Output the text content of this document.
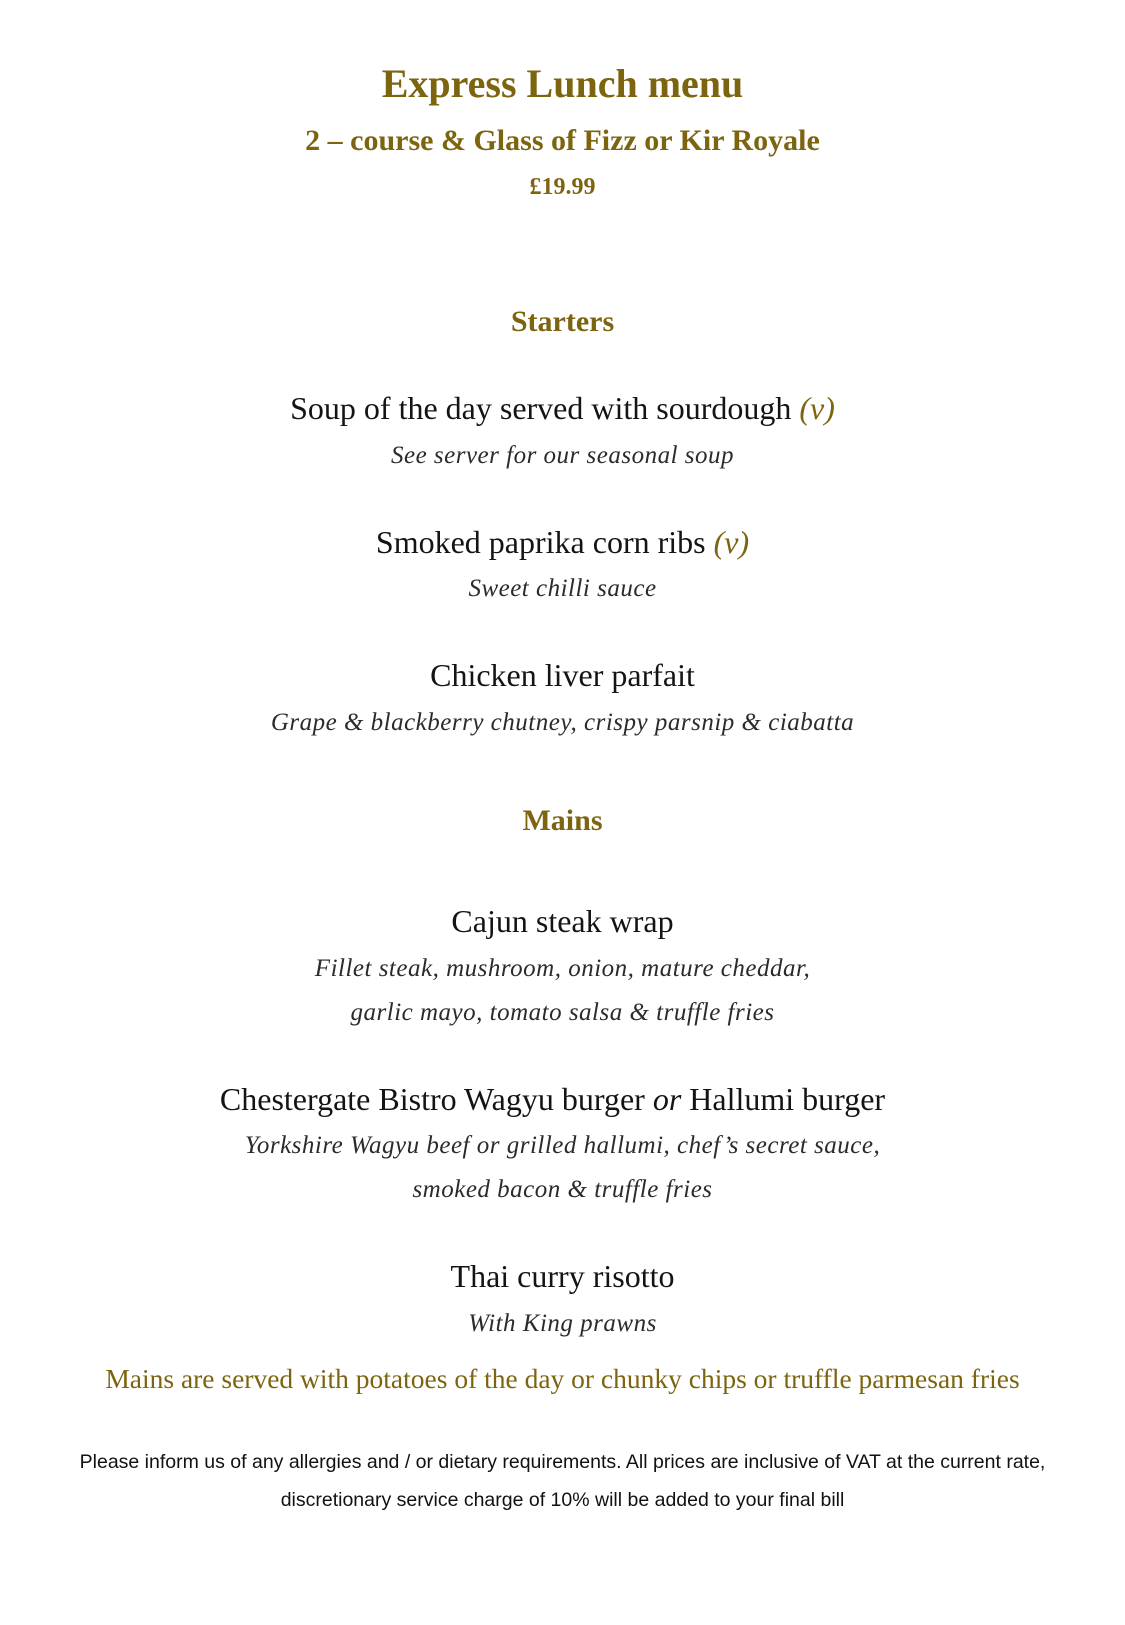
Express Lunch menu
2 – course & Glass of Fizz or Kir Royale
£19.99
Starters
Soup of the day served with sourdough (v)
See server for our seasonal soup
Smoked paprika corn ribs (v)
Sweet chilli sauce
Chicken liver parfait
Grape & blackberry chutney, crispy parsnip & ciabatta
Mains
Cajun steak wrap
Fillet steak, mushroom, onion, mature cheddar,
garlic mayo, tomato salsa & truffle fries
Chestergate Bistro Wagyu burger or Hallumi burger
Yorkshire Wagyu beef or grilled hallumi, chef’s secret sauce,
smoked bacon & truffle fries
Thai curry risotto
With King prawns
Mains are served with potatoes of the day or chunky chips or truffle parmesan fries
Please inform us of any allergies and / or dietary requirements. All prices are inclusive of VAT at the current rate,
discretionary service charge of 10% will be added to your final bill
